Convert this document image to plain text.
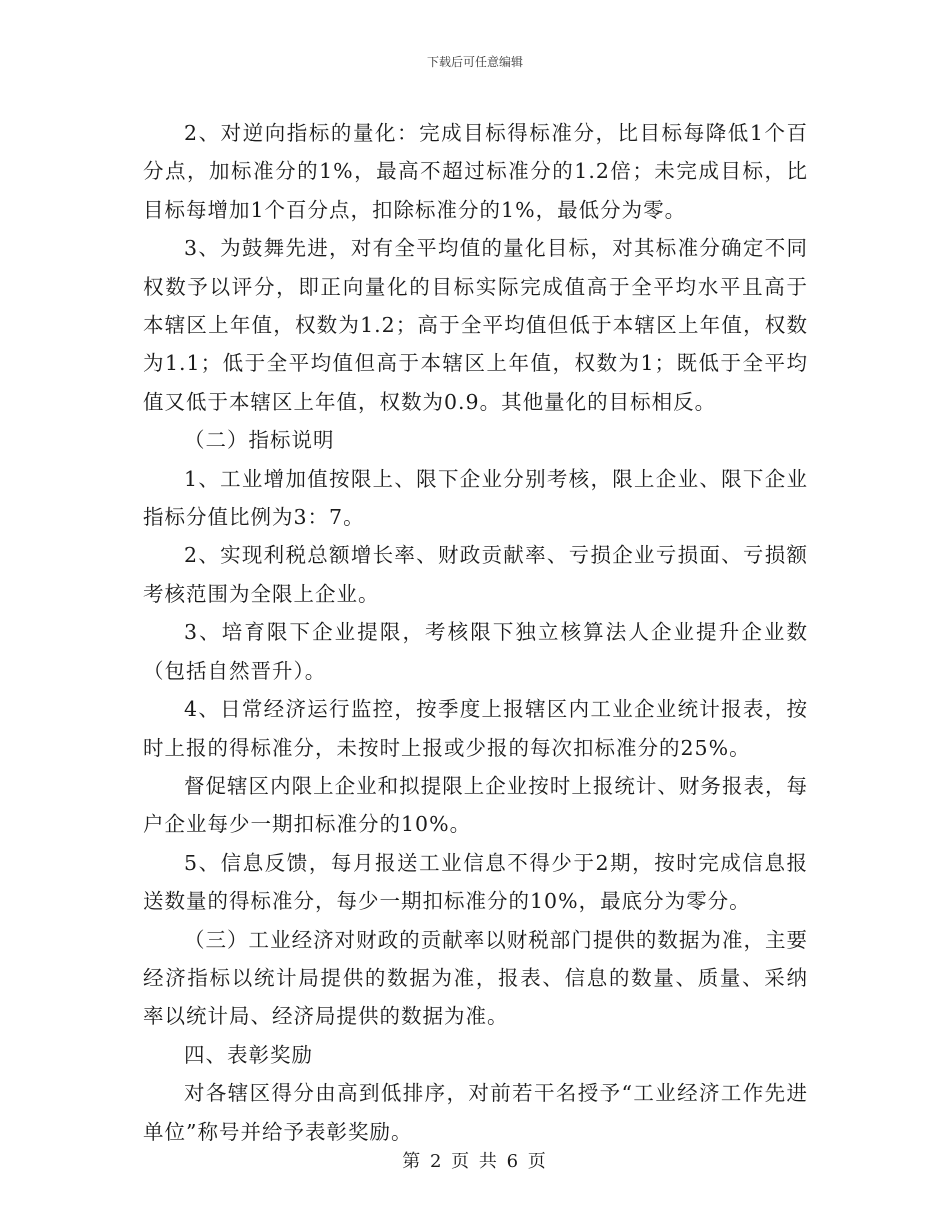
下载后可任意编辑

2、对逆向指标的量化：完成目标得标准分，比目标每降低1个百分点，加标准分的1%，最高不超过标准分的1.2倍；未完成目标，比目标每增加1个百分点，扣除标准分的1%，最低分为零。

3、为鼓舞先进，对有全平均值的量化目标，对其标准分确定不同权数予以评分，即正向量化的目标实际完成值高于全平均水平且高于本辖区上年值，权数为1.2；高于全平均值但低于本辖区上年值，权数为1.1；低于全平均值但高于本辖区上年值，权数为1；既低于全平均值又低于本辖区上年值，权数为0.9。其他量化的目标相反。

（二）指标说明

1、工业增加值按限上、限下企业分别考核，限上企业、限下企业指标分值比例为3：7。

2、实现利税总额增长率、财政贡献率、亏损企业亏损面、亏损额考核范围为全限上企业。

3、培育限下企业提限，考核限下独立核算法人企业提升企业数（包括自然晋升）。

4、日常经济运行监控，按季度上报辖区内工业企业统计报表，按时上报的得标准分，未按时上报或少报的每次扣标准分的25%。

督促辖区内限上企业和拟提限上企业按时上报统计、财务报表，每户企业每少一期扣标准分的10%。

5、信息反馈，每月报送工业信息不得少于2期，按时完成信息报送数量的得标准分，每少一期扣标准分的10%，最底分为零分。

（三）工业经济对财政的贡献率以财税部门提供的数据为准，主要经济指标以统计局提供的数据为准，报表、信息的数量、质量、采纳率以统计局、经济局提供的数据为准。

四、表彰奖励

对各辖区得分由高到低排序，对前若干名授予“工业经济工作先进单位”称号并给予表彰奖励。

第 2 页 共 6 页
